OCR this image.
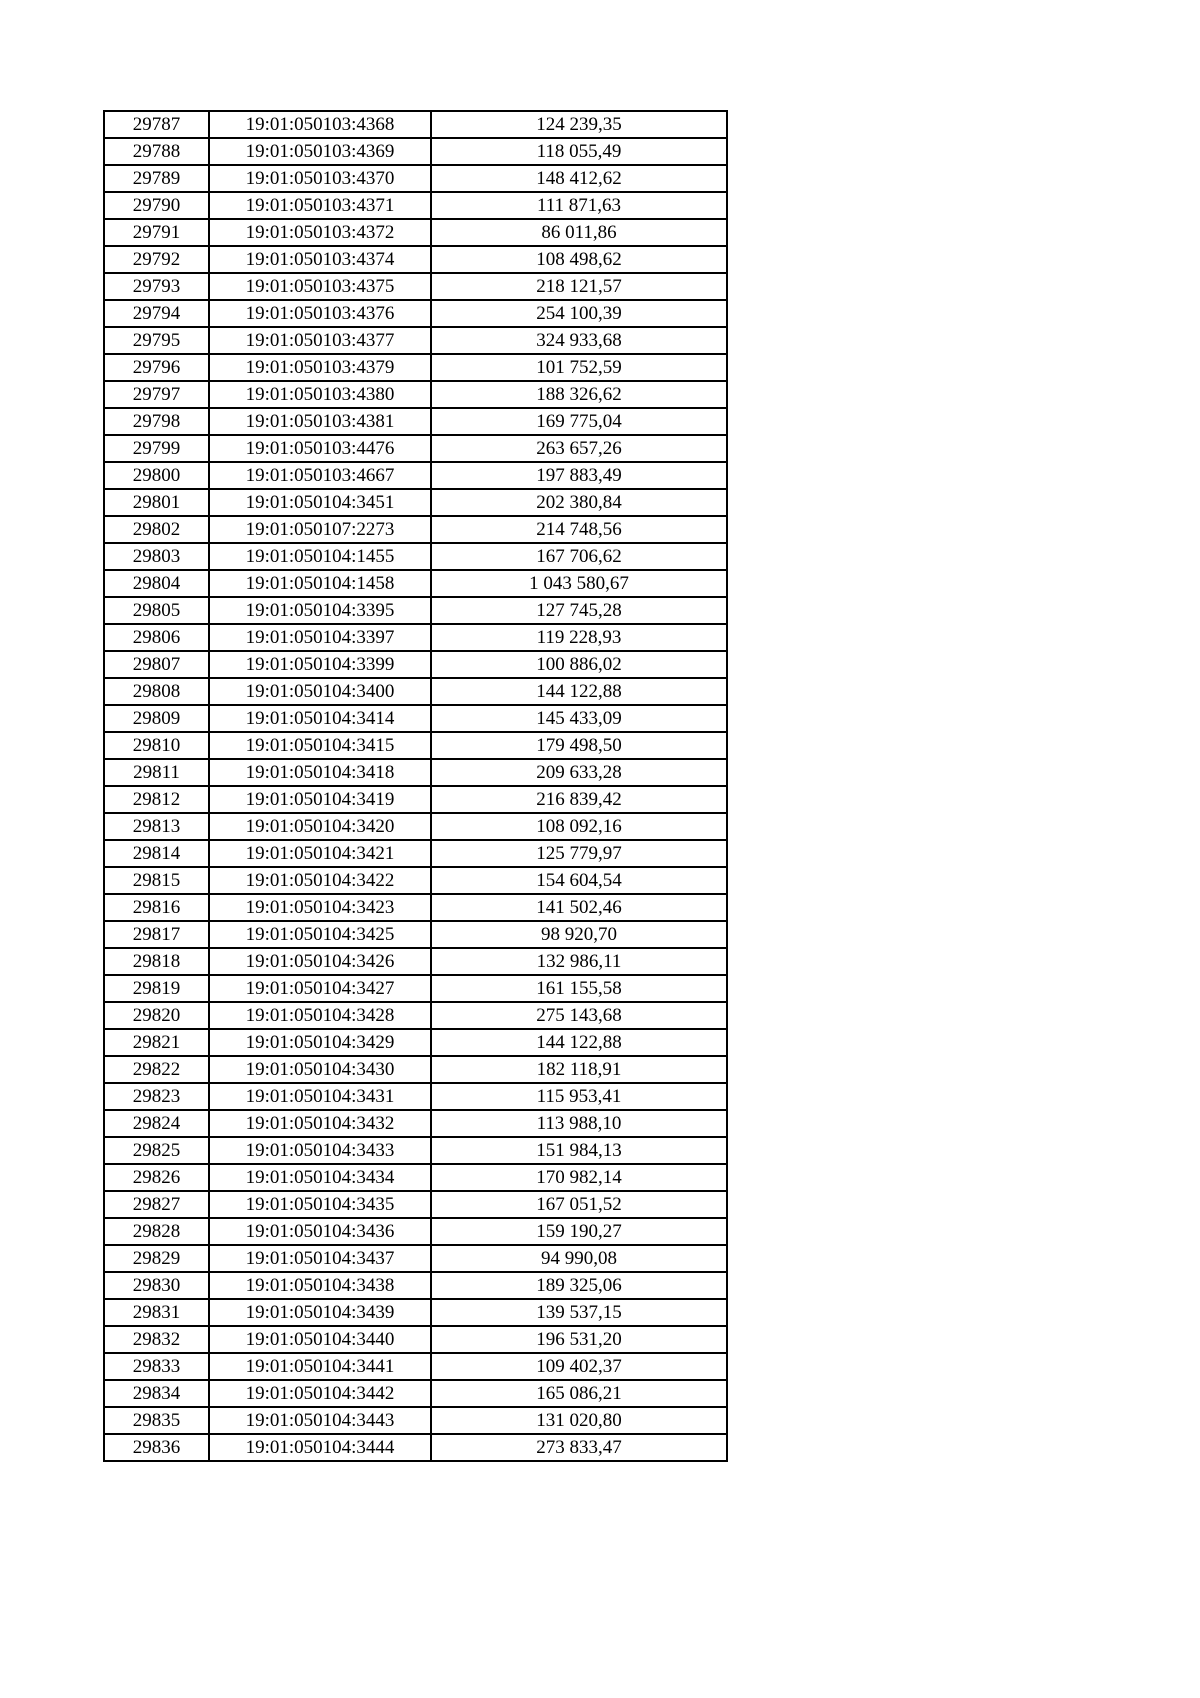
29787	19:01:050103:4368	124 239,35
29788	19:01:050103:4369	118 055,49
29789	19:01:050103:4370	148 412,62
29790	19:01:050103:4371	111 871,63
29791	19:01:050103:4372	86 011,86
29792	19:01:050103:4374	108 498,62
29793	19:01:050103:4375	218 121,57
29794	19:01:050103:4376	254 100,39
29795	19:01:050103:4377	324 933,68
29796	19:01:050103:4379	101 752,59
29797	19:01:050103:4380	188 326,62
29798	19:01:050103:4381	169 775,04
29799	19:01:050103:4476	263 657,26
29800	19:01:050103:4667	197 883,49
29801	19:01:050104:3451	202 380,84
29802	19:01:050107:2273	214 748,56
29803	19:01:050104:1455	167 706,62
29804	19:01:050104:1458	1 043 580,67
29805	19:01:050104:3395	127 745,28
29806	19:01:050104:3397	119 228,93
29807	19:01:050104:3399	100 886,02
29808	19:01:050104:3400	144 122,88
29809	19:01:050104:3414	145 433,09
29810	19:01:050104:3415	179 498,50
29811	19:01:050104:3418	209 633,28
29812	19:01:050104:3419	216 839,42
29813	19:01:050104:3420	108 092,16
29814	19:01:050104:3421	125 779,97
29815	19:01:050104:3422	154 604,54
29816	19:01:050104:3423	141 502,46
29817	19:01:050104:3425	98 920,70
29818	19:01:050104:3426	132 986,11
29819	19:01:050104:3427	161 155,58
29820	19:01:050104:3428	275 143,68
29821	19:01:050104:3429	144 122,88
29822	19:01:050104:3430	182 118,91
29823	19:01:050104:3431	115 953,41
29824	19:01:050104:3432	113 988,10
29825	19:01:050104:3433	151 984,13
29826	19:01:050104:3434	170 982,14
29827	19:01:050104:3435	167 051,52
29828	19:01:050104:3436	159 190,27
29829	19:01:050104:3437	94 990,08
29830	19:01:050104:3438	189 325,06
29831	19:01:050104:3439	139 537,15
29832	19:01:050104:3440	196 531,20
29833	19:01:050104:3441	109 402,37
29834	19:01:050104:3442	165 086,21
29835	19:01:050104:3443	131 020,80
29836	19:01:050104:3444	273 833,47
